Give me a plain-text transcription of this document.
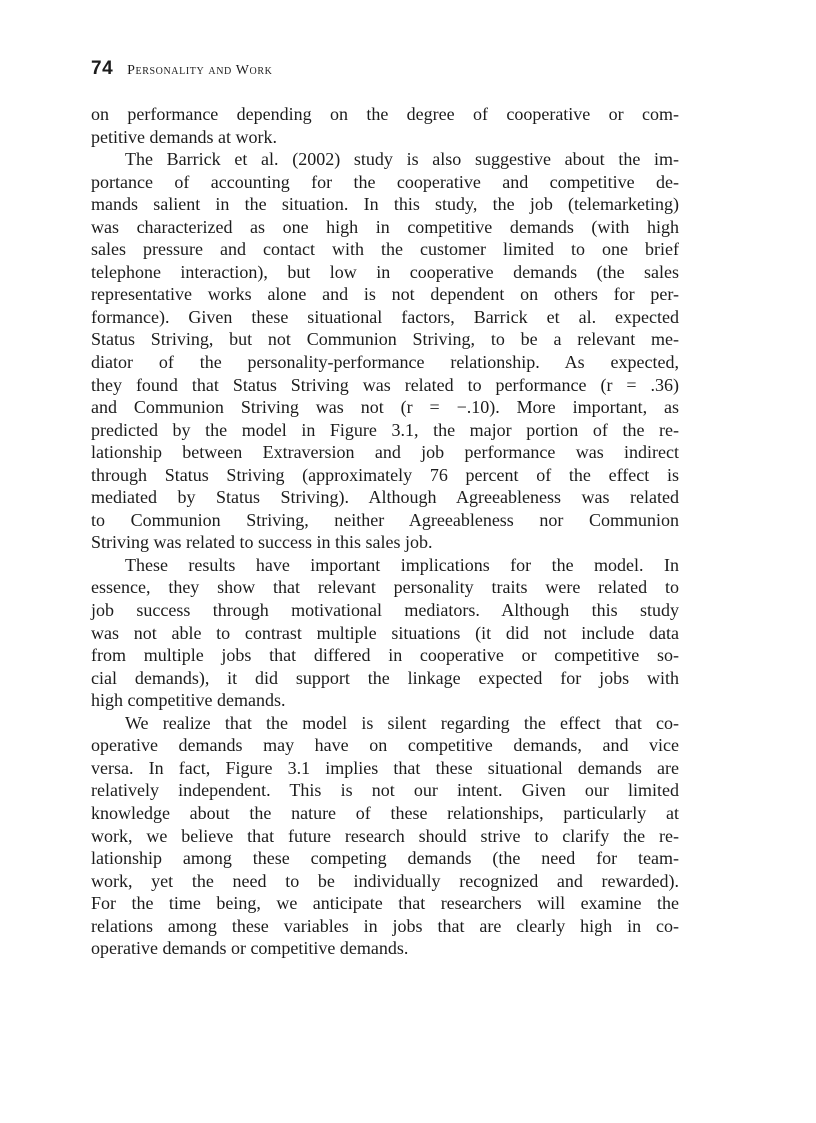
74 Personality and Work
on performance depending on the degree of cooperative or com-
petitive demands at work.
The Barrick et al. (2002) study is also suggestive about the im-
portance of accounting for the cooperative and competitive de-
mands salient in the situation. In this study, the job (telemarketing)
was characterized as one high in competitive demands (with high
sales pressure and contact with the customer limited to one brief
telephone interaction), but low in cooperative demands (the sales
representative works alone and is not dependent on others for per-
formance). Given these situational factors, Barrick et al. expected
Status Striving, but not Communion Striving, to be a relevant me-
diator of the personality-performance relationship. As expected,
they found that Status Striving was related to performance (r = .36)
and Communion Striving was not (r = −.10). More important, as
predicted by the model in Figure 3.1, the major portion of the re-
lationship between Extraversion and job performance was indirect
through Status Striving (approximately 76 percent of the effect is
mediated by Status Striving). Although Agreeableness was related
to Communion Striving, neither Agreeableness nor Communion
Striving was related to success in this sales job.
These results have important implications for the model. In
essence, they show that relevant personality traits were related to
job success through motivational mediators. Although this study
was not able to contrast multiple situations (it did not include data
from multiple jobs that differed in cooperative or competitive so-
cial demands), it did support the linkage expected for jobs with
high competitive demands.
We realize that the model is silent regarding the effect that co-
operative demands may have on competitive demands, and vice
versa. In fact, Figure 3.1 implies that these situational demands are
relatively independent. This is not our intent. Given our limited
knowledge about the nature of these relationships, particularly at
work, we believe that future research should strive to clarify the re-
lationship among these competing demands (the need for team-
work, yet the need to be individually recognized and rewarded).
For the time being, we anticipate that researchers will examine the
relations among these variables in jobs that are clearly high in co-
operative demands or competitive demands.
